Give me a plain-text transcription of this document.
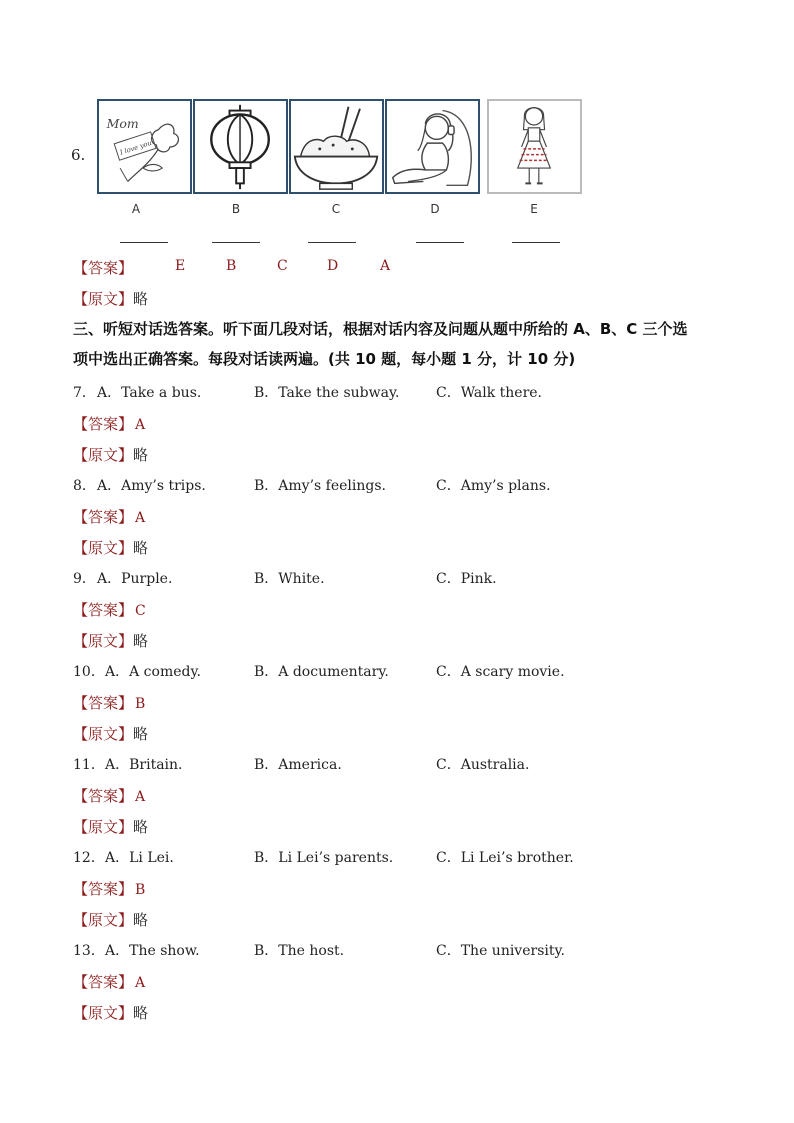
6.
Mom
I love you
A	B	C	D	E
【答案】	E	B	C	D	A
【原文】略
三、听短对话选答案。听下面几段对话，根据对话内容及问题从题中所给的 A、B、C 三个选
项中选出正确答案。每段对话读两遍。(共 10 题，每小题 1 分，计 10 分)
7． A．Take a bus.	B．Take the subway.	C．Walk there.
【答案】 A
【原文】略
8． A．Amy’s trips.	B．Amy’s feelings.	C．Amy’s plans.
【答案】 A
【原文】略
9． A．Purple.	B．White.	C．Pink.
【答案】 C
【原文】略
10． A．A comedy.	B．A documentary.	C．A scary movie.
【答案】 B
【原文】略
11． A．Britain.	B．America.	C．Australia.
【答案】 A
【原文】略
12． A．Li Lei.	B．Li Lei’s parents.	C．Li Lei’s brother.
【答案】 B
【原文】略
13． A．The show.	B．The host.	C．The university.
【答案】 A
【原文】略
